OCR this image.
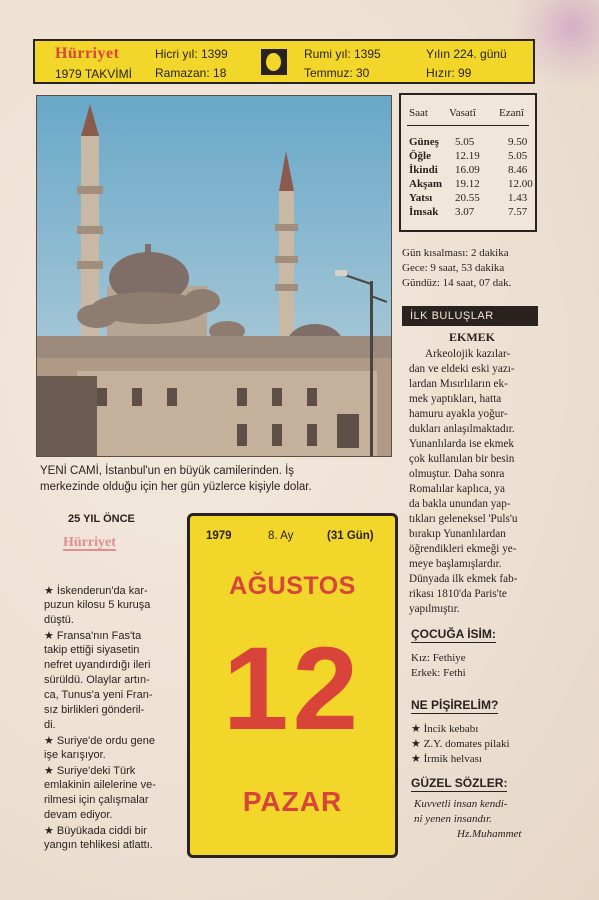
Hürriyet
1979 TAKVİMİ
Hicri yıl: 1399
Ramazan: 18
Rumi yıl: 1395
Temmuz: 30
Yılın 224. günü
Hızır: 99
Saat Vasatî Ezanî
Güneş 5.05	9.50
Öğle 12.19	5.05
İkindi 16.09	8.46
Akşam 19.12	12.00
Yatsı 20.55	1.43
İmsak 3.07	7.57
Gün kısalması: 2 dakika
Gece: 9 saat, 53 dakika
Gündüz: 14 saat, 07 dak.
İLK BULUŞLAR
EKMEK
Arkeolojik kazılar-
dan ve eldeki eski yazı-
lardan Mısırlıların ek-
mek yaptıkları, hatta
hamuru ayakla yoğur-
dukları anlaşılmaktadır.
Yunanlılarda ise ekmek
çok kullanılan bir besin
olmuştur. Daha sonra
Romalılar kaplıca, ya
da bakla unundan yap-
tıkları geleneksel 'Puls'u
bırakıp Yunanlılardan
öğrendikleri ekmeği ye-
meye başlamışlardır.
Dünyada ilk ekmek fab-
rikası 1810'da Paris'te
yapılmıştır.
ÇOCUĞA İSİM:
Kız: Fethiye
Erkek: Fethi
NE PİŞİRELİM?
★ İncik kebabı
★ Z.Y. domates pilaki
★ İrmik helvası
GÜZEL SÖZLER:
Kuvvetli insan kendi-
ni yenen insandır.
Hz.Muhammet
YENİ CAMİ, İstanbul'un en büyük camilerinden. İş
merkezinde olduğu için her gün yüzlerce kişiyle dolar.
25 YIL ÖNCE
Hürriyet
★ İskenderun'da kar-
puzun kilosu 5 kuruşa
düştü.
★ Fransa'nın Fas'ta
takip ettiği siyasetin
nefret uyandırdığı ileri
sürüldü. Olaylar artın-
ca, Tunus'a yeni Fran-
sız birlikleri gönderil-
di.
★ Suriye'de ordu gene
işe karışıyor.
★ Suriye'deki Türk
emlakinin ailelerine ve-
rilmesi için çalışmalar
devam ediyor.
★ Büyükada ciddi bir
yangın tehlikesi atlattı.
1979	8. Ay	(31 Gün)
AĞUSTOS
12
PAZAR
